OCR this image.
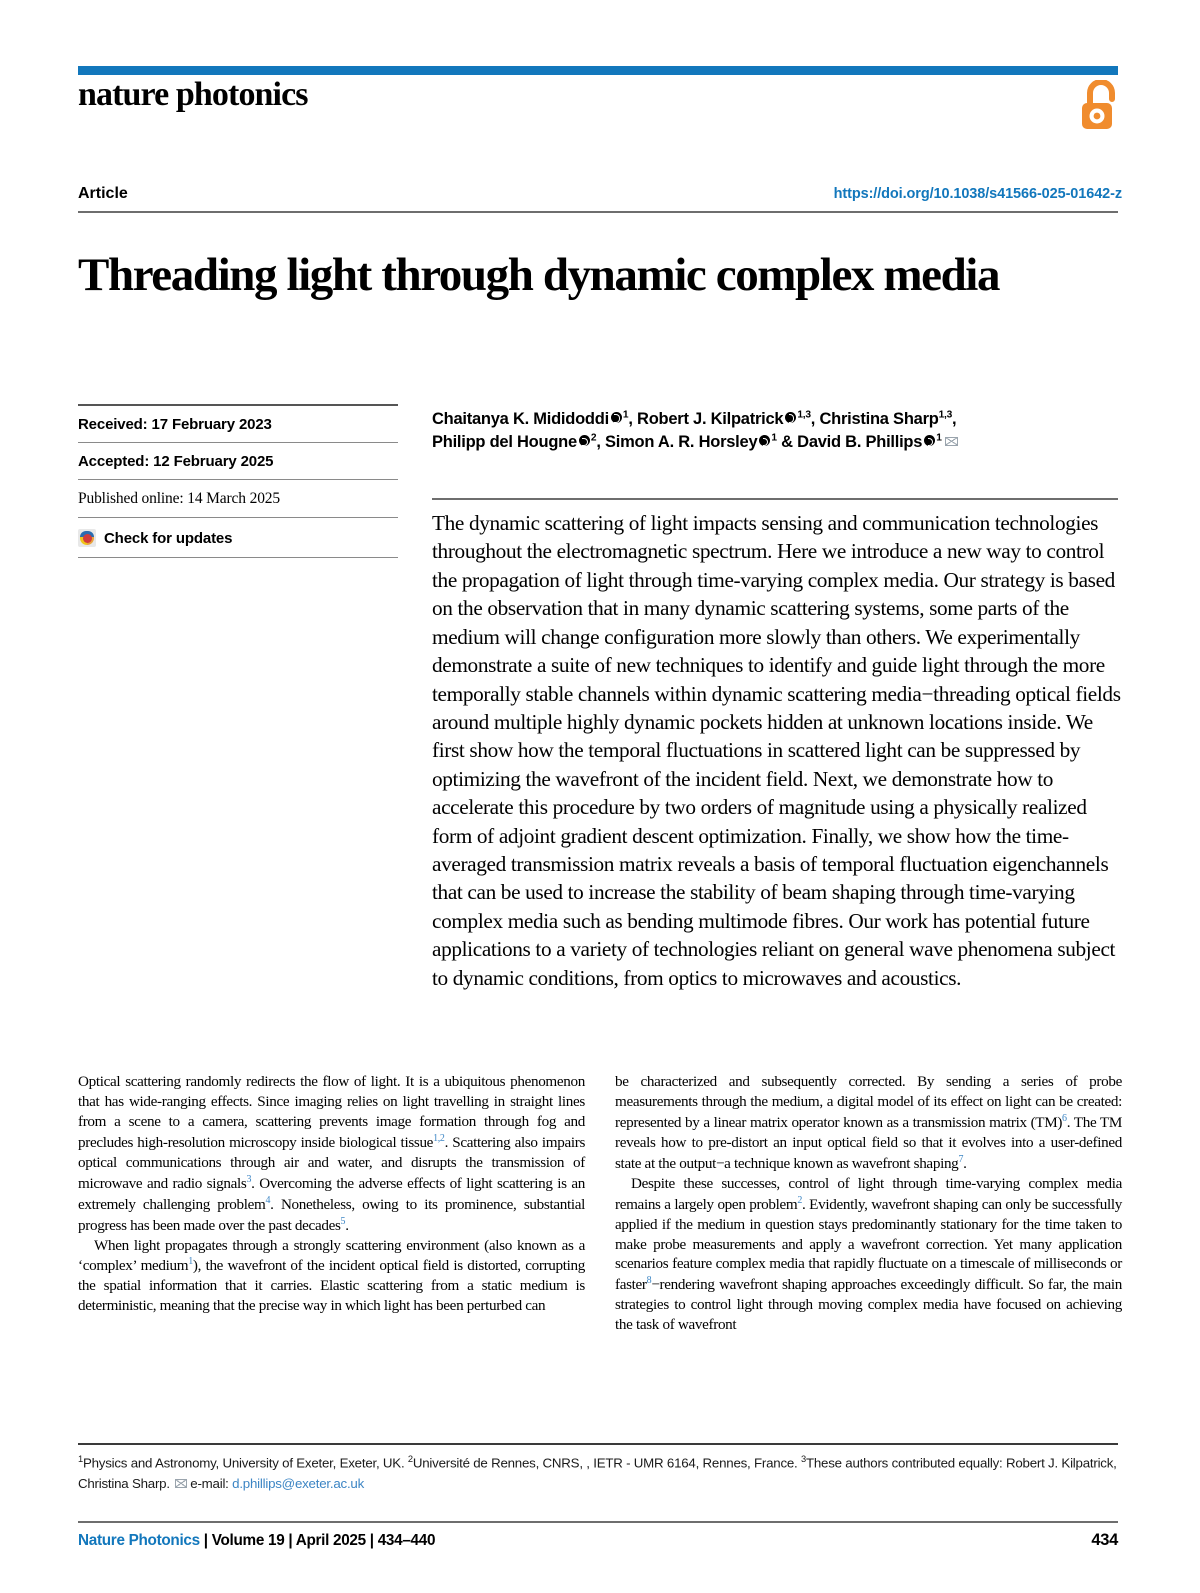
nature photonics
Article	https://doi.org/10.1038/s41566-025-01642-z
Threading light through dynamic complex media
Received: 17 February 2023
Accepted: 12 February 2025
Published online: 14 March 2025
Check for updates
Chaitanya K. Mididoddi $^1$, Robert J. Kilpatrick $^{1,3}$, Christina Sharp$^{1,3}$,
Philipp del Hougne $^2$, Simon A. R. Horsley $^1$ & David B. Phillips $^1$
The dynamic scattering of light impacts sensing and communication technologies throughout the electromagnetic spectrum. Here we introduce a new way to control the propagation of light through time-varying complex media. Our strategy is based on the observation that in many dynamic scattering systems, some parts of the medium will change configuration more slowly than others. We experimentally demonstrate a suite of new techniques to identify and guide light through the more temporally stable channels within dynamic scattering media−threading optical fields around multiple highly dynamic pockets hidden at unknown locations inside. We first show how the temporal fluctuations in scattered light can be suppressed by optimizing the wavefront of the incident field. Next, we demonstrate how to accelerate this procedure by two orders of magnitude using a physically realized form of adjoint gradient descent optimization. Finally, we show how the time-averaged transmission matrix reveals a basis of temporal fluctuation eigenchannels that can be used to increase the stability of beam shaping through time-varying complex media such as bending multimode fibres. Our work has potential future applications to a variety of technologies reliant on general wave phenomena subject to dynamic conditions, from optics to microwaves and acoustics.

Optical scattering randomly redirects the flow of light. It is a ubiquitous phenomenon that has wide-ranging effects. Since imaging relies on light travelling in straight lines from a scene to a camera, scattering prevents image formation through fog and precludes high-resolution microscopy inside biological tissue$^{1,2}$. Scattering also impairs optical communications through air and water, and disrupts the transmission of microwave and radio signals$^3$. Overcoming the adverse effects of light scattering is an extremely challenging problem$^4$. Nonetheless, owing to its prominence, substantial progress has been made over the past decades$^5$.

When light propagates through a strongly scattering environment (also known as a ‘complex’ medium$^1$), the wavefront of the incident optical field is distorted, corrupting the spatial information that it carries. Elastic scattering from a static medium is deterministic, meaning that the precise way in which light has been perturbed can

be characterized and subsequently corrected. By sending a series of probe measurements through the medium, a digital model of its effect on light can be created: represented by a linear matrix operator known as a transmission matrix (TM)$^6$. The TM reveals how to pre-distort an input optical field so that it evolves into a user-defined state at the output−a technique known as wavefront shaping$^7$.

Despite these successes, control of light through time-varying complex media remains a largely open problem$^2$. Evidently, wavefront shaping can only be successfully applied if the medium in question stays predominantly stationary for the time taken to make probe measurements and apply a wavefront correction. Yet many application scenarios feature complex media that rapidly fluctuate on a timescale of milliseconds or faster$^8$−rendering wavefront shaping approaches exceedingly difficult. So far, the main strategies to control light through moving complex media have focused on achieving the task of wavefront

$^1$Physics and Astronomy, University of Exeter, Exeter, UK. $^2$Université de Rennes, CNRS, , IETR - UMR 6164, Rennes, France. $^3$These authors contributed equally: Robert J. Kilpatrick, Christina Sharp. e-mail: d.phillips@exeter.ac.uk
Nature Photonics | Volume 19 | April 2025 | 434–440	434
